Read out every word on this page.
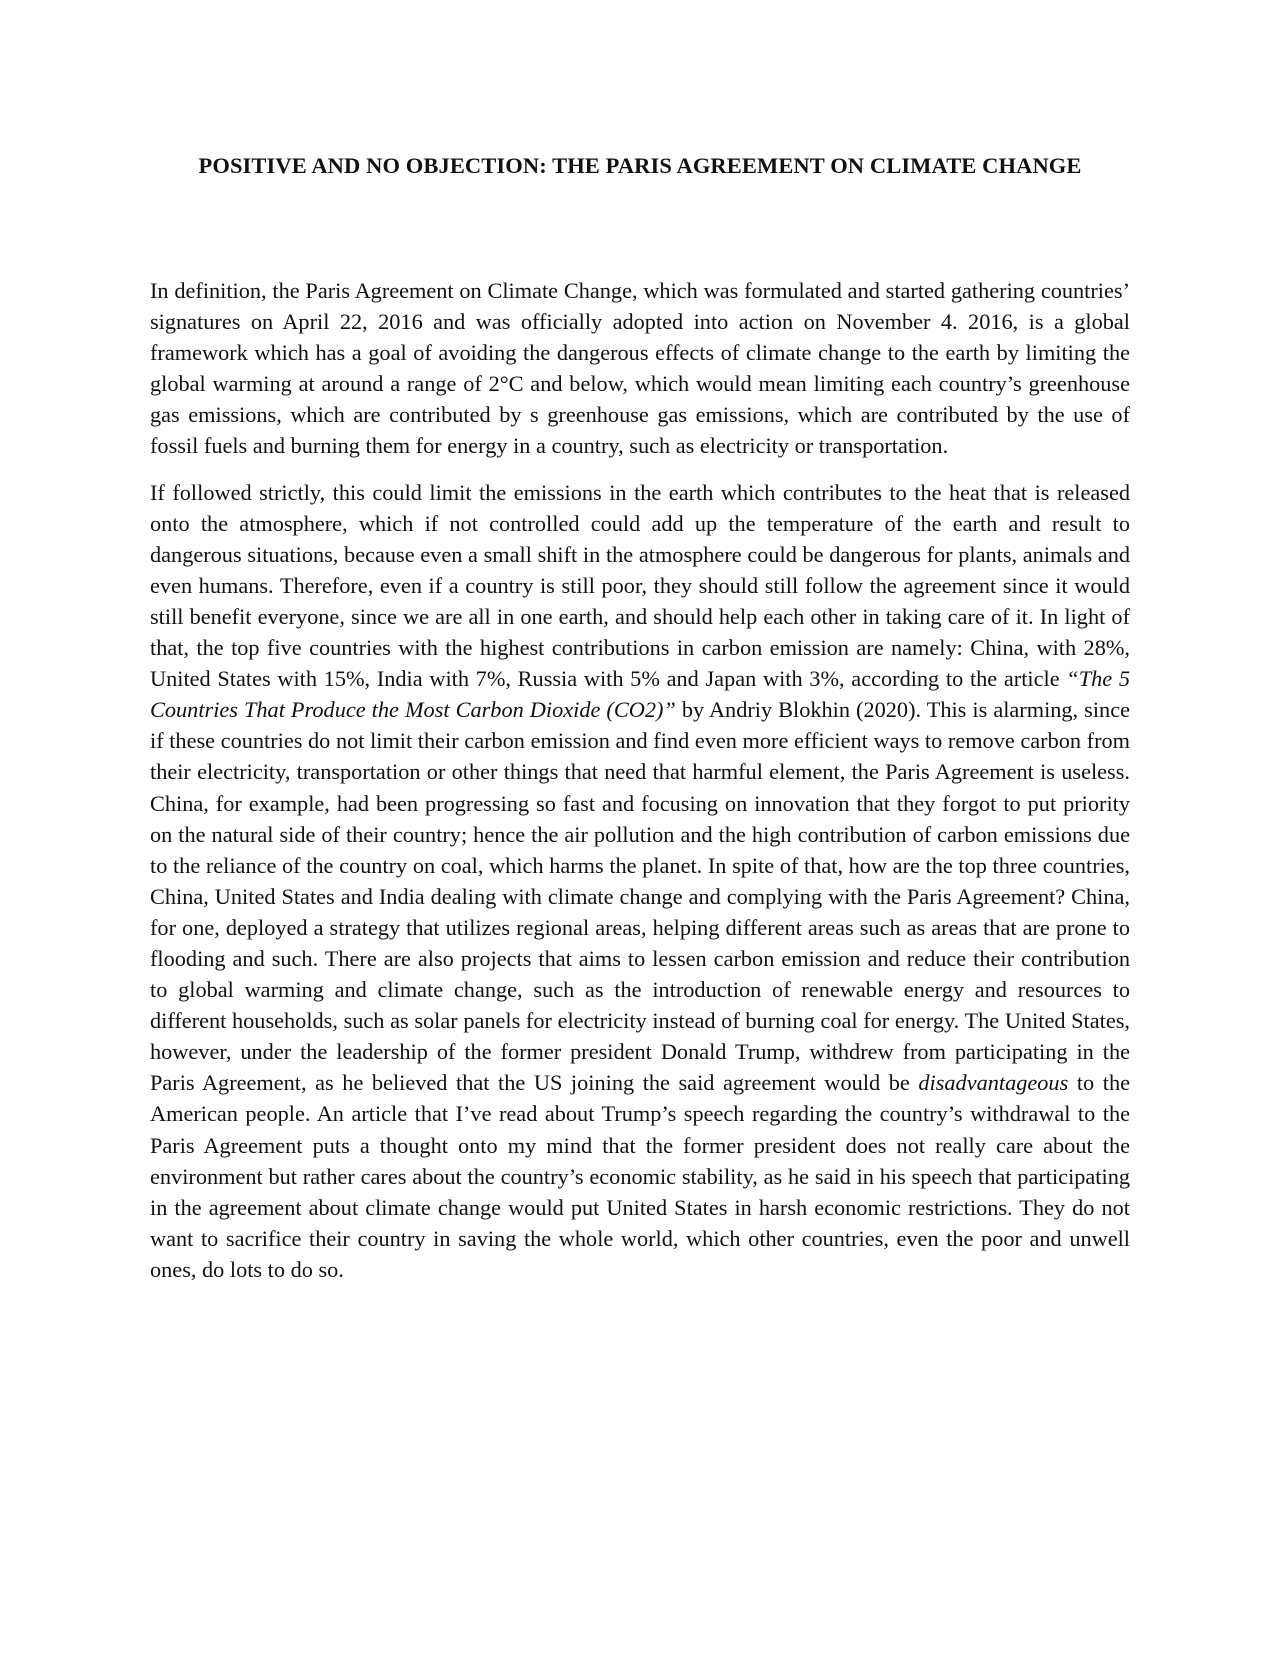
POSITIVE AND NO OBJECTION: THE PARIS AGREEMENT ON CLIMATE CHANGE

In definition, the Paris Agreement on Climate Change, which was formulated and started gathering countries’ signatures on April 22, 2016 and was officially adopted into action on November 4. 2016, is a global framework which has a goal of avoiding the dangerous effects of climate change to the earth by limiting the global warming at around a range of 2°C and below, which would mean limiting each country’s greenhouse gas emissions, which are contributed by s greenhouse gas emissions, which are contributed by the use of fossil fuels and burning them for energy in a country, such as electricity or transportation.

If followed strictly, this could limit the emissions in the earth which contributes to the heat that is released onto the atmosphere, which if not controlled could add up the temperature of the earth and result to dangerous situations, because even a small shift in the atmosphere could be dangerous for plants, animals and even humans. Therefore, even if a country is still poor, they should still follow the agreement since it would still benefit everyone, since we are all in one earth, and should help each other in taking care of it. In light of that, the top five countries with the highest contributions in carbon emission are namely: China, with 28%, United States with 15%, India with 7%, Russia with 5% and Japan with 3%, according to the article “The 5 Countries That Produce the Most Carbon Dioxide (CO2)” by Andriy Blokhin (2020). This is alarming, since if these countries do not limit their carbon emission and find even more efficient ways to remove carbon from their electricity, transportation or other things that need that harmful element, the Paris Agreement is useless. China, for example, had been progressing so fast and focusing on innovation that they forgot to put priority on the natural side of their country; hence the air pollution and the high contribution of carbon emissions due to the reliance of the country on coal, which harms the planet. In spite of that, how are the top three countries, China, United States and India dealing with climate change and complying with the Paris Agreement? China, for one, deployed a strategy that utilizes regional areas, helping different areas such as areas that are prone to flooding and such. There are also projects that aims to lessen carbon emission and reduce their contribution to global warming and climate change, such as the introduction of renewable energy and resources to different households, such as solar panels for electricity instead of burning coal for energy. The United States, however, under the leadership of the former president Donald Trump, withdrew from participating in the Paris Agreement, as he believed that the US joining the said agreement would be disadvantageous to the American people. An article that I’ve read about Trump’s speech regarding the country’s withdrawal to the Paris Agreement puts a thought onto my mind that the former president does not really care about the environment but rather cares about the country’s economic stability, as he said in his speech that participating in the agreement about climate change would put United States in harsh economic restrictions. They do not want to sacrifice their country in saving the whole world, which other countries, even the poor and unwell ones, do lots to do so.
